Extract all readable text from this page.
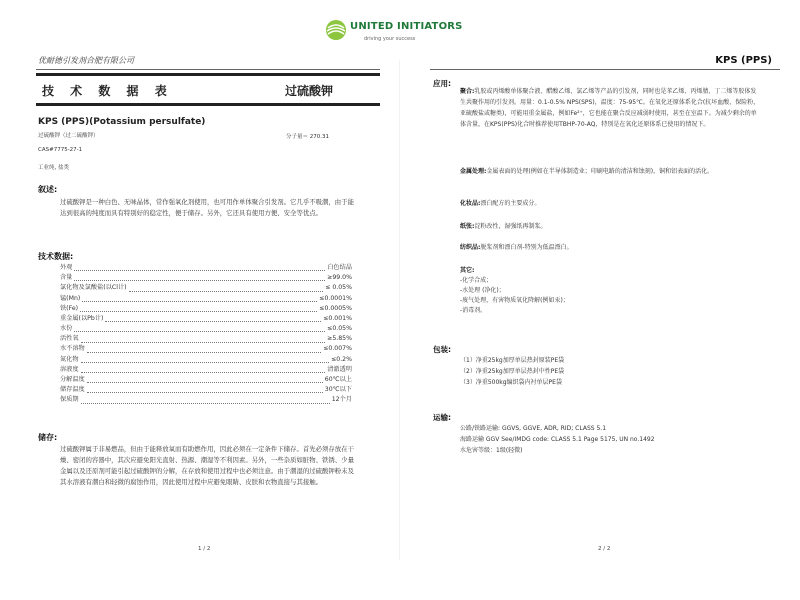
UNITED INITIATORS
driving your success
优耐德引发剂合肥有限公司
技 术 数 据 表	过硫酸钾
KPS (PPS)(Potassium persulfate)
过硫酸钾（过二硫酸钾）
CAS#7775-27-1
分子量＝ 270.31
工业纯, 盐类
叙述:

过硫酸钾是一种白色、无味晶体，常作强氧化剂使用，也可用作单体聚合引发剂。它几乎不吸潮，由于能达到很高的纯度而具有特别好的稳定性，便于储存。另外，它还具有使用方便、安全等优点。

技术数据:
外观	白色结晶
含量	≥99.0%
氯化物及氯酸盐(以Cl计)	≤ 0.05%
锰(Mn)	≤0.0001%
铁(Fe)	≤0.0005%
重金属(以Pb计)	≤0.001%
水份	≤0.05%
活性氧	≥5.85%
水不溶物	≤0.007%
氮化物	≤0.2%
溶液度	清澈透明
分解温度	60℃以上
储存温度	30℃以下
保质期	12个月
储存:

过硫酸钾属于非易燃品，但由于能释放氧而有助燃作用，因此必须在一定条件下储存。首先必须存放在干燥、密闭的容器中，其次应避免阳光直射、热源、潮湿等不利因素。另外，一些杂质如脏物、铁锈、少量金属以及还原剂可能引起过硫酸钾的分解，在存放和使用过程中也必须注意。由于潮湿的过硫酸钾粉末及其水溶液有潮白和轻微的腐蚀作用，因此使用过程中应避免眼睛、皮肤和衣物直接与其接触。

1 / 2
KPS (PPS)
应用:

聚合:乳胶或丙烯酸单体聚合液、醋酸乙烯、氯乙烯等产品的引发剂，同时也是苯乙烯、丙烯腈、丁二烯等胶体发生共聚作用的引发剂。用量：0.1-0.5% NPS(SPS)，温度：75-95℃。在氧化还原体系化合(抗坏血酸，保险粉，亚硫酸盐或糖类)，可能用重金属盐，例如Fe²⁺，它也能在聚合反应减弱时使用，甚至在室温下。为减少剩余的单体含量，在KPS(PPS)化合时推荐使用TBHP-70-AQ，特别是在氧化还原体系已使用的情况下。

金属处理:金属表面的处理(例如在半导体制造业；印刷电路的清洁和蚀刻)，铜和铝表面的活化。

化妆品:漂白配方的主要成分。

纸张:淀粉改性，湿强纸再制浆。

纺织品:脱浆剂和漂白剂-特别为低温漂白。

其它:
-化学合成；
-水处理 (净化)；
-废气处理，有害物质氧化降解(例如汞)；
-消毒剂。
包装:
（1）净重25kg加厚单层热封原装PE袋
（2）净重25kg加厚单层热封中性PE袋
（3）净重500kg编织袋内衬单层PE袋
运输:
公路/铁路运输: GGVS, GGVE, ADR, RID; CLASS 5.1
海路运输 GGV See/IMDG code: CLASS 5.1 Page 5175, UN no.1492
水危害等级：1级(轻微)
2 / 2
